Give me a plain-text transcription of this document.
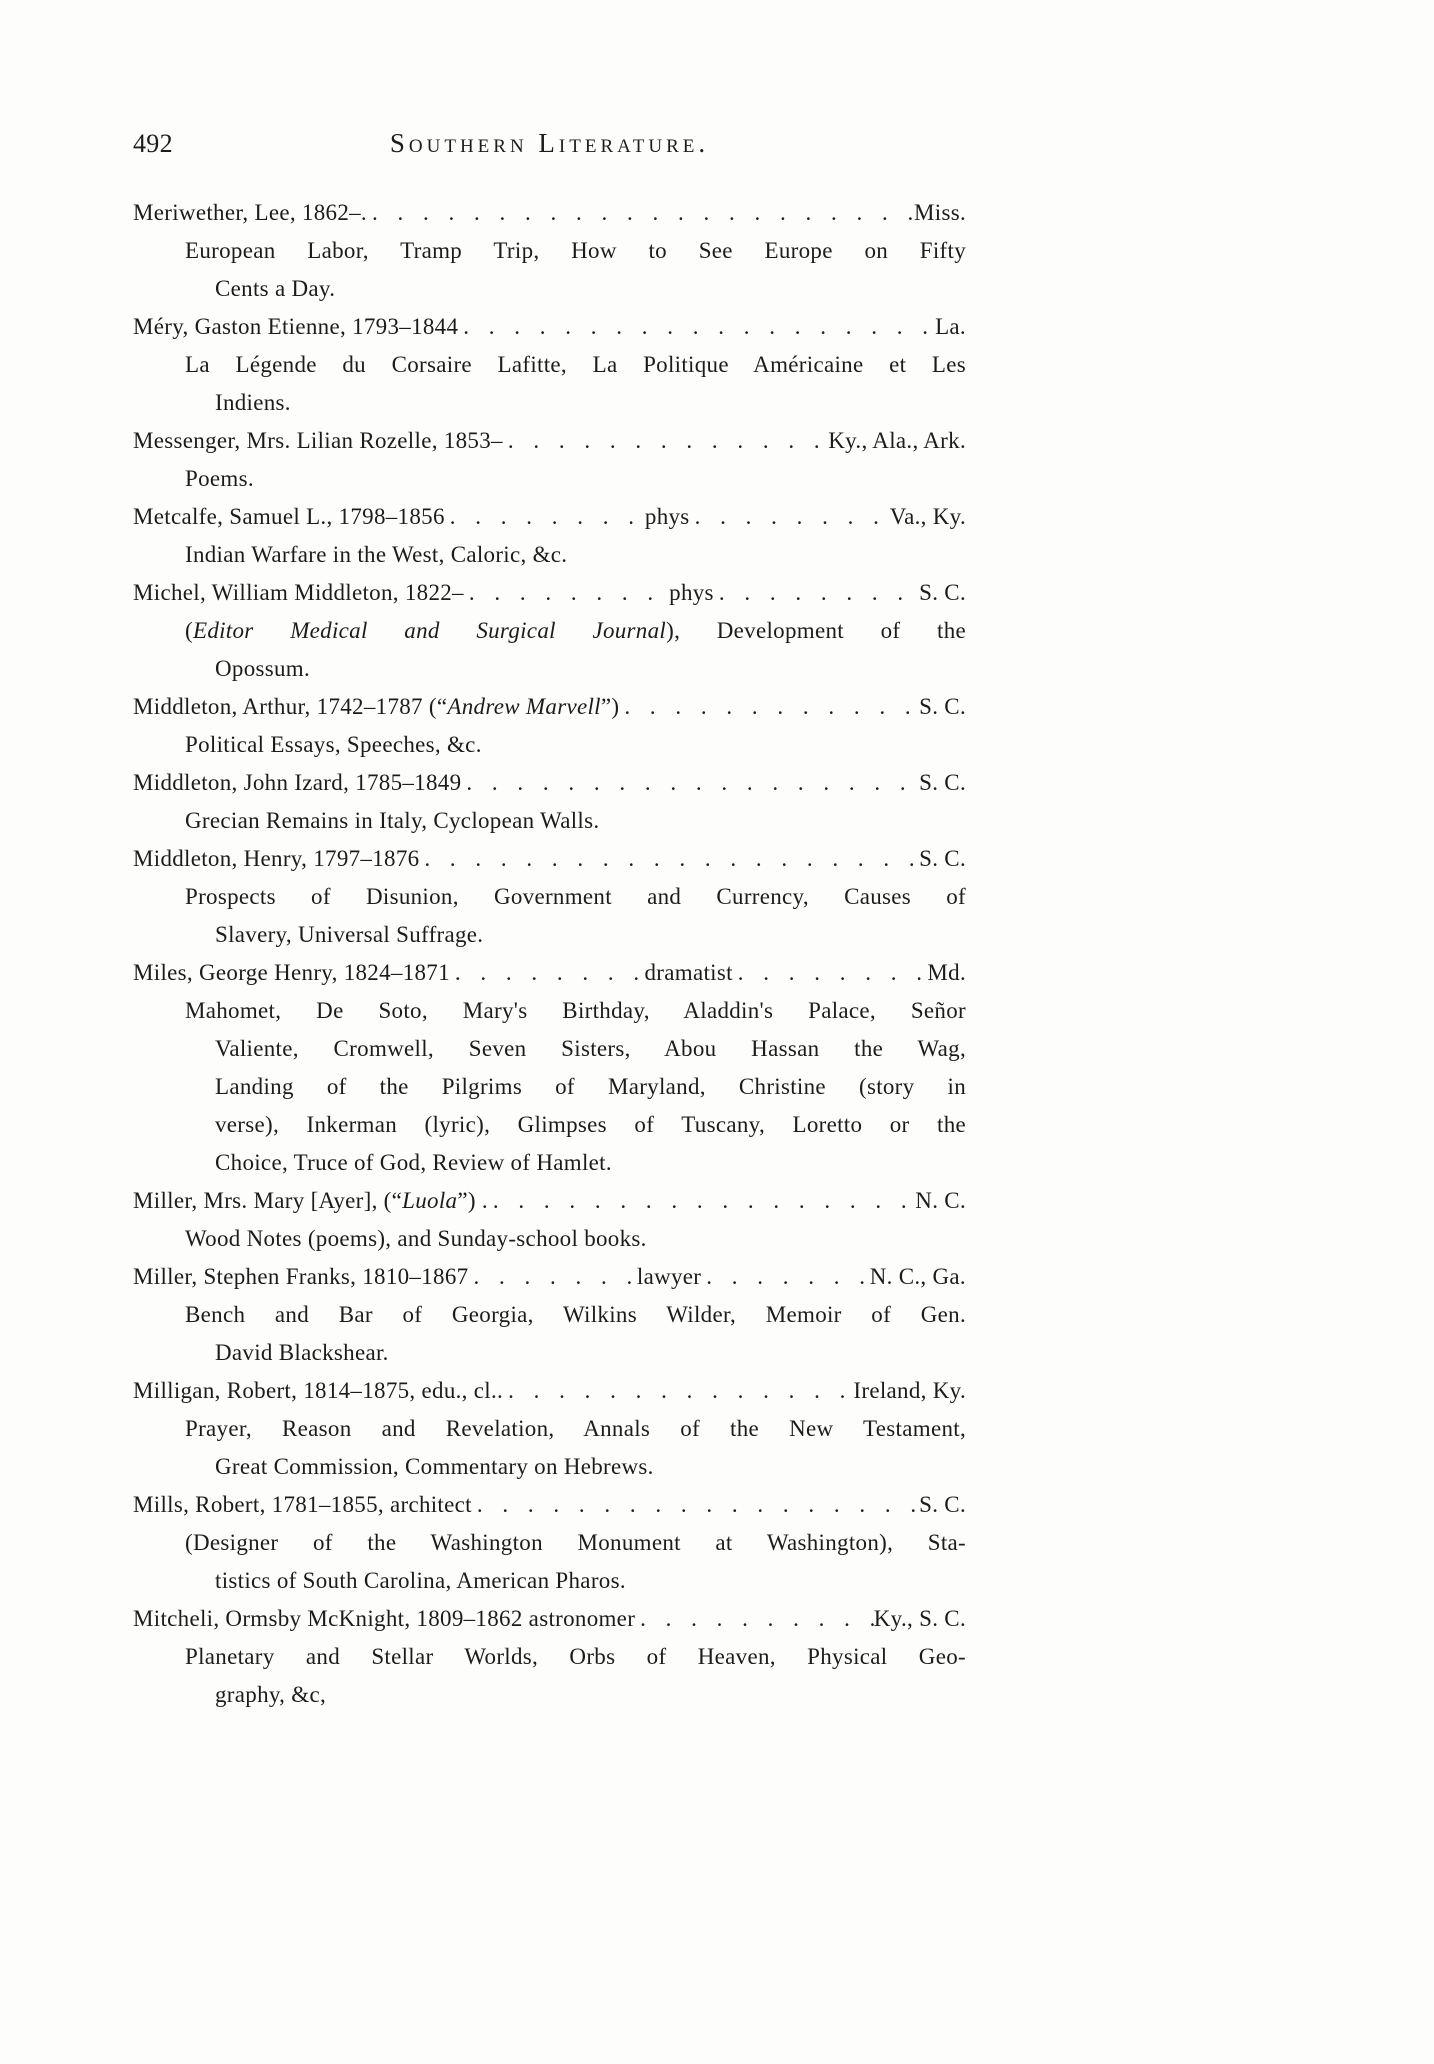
492	Southern Literature.
Meriwether, Lee, 1862–. . . .	Miss.
European Labor, Tramp Trip, How to See Europe on Fifty
Cents a Day.
Méry, Gaston Etienne, 1793–1844 . . .	La.
La Légende du Corsaire Lafitte, La Politique Américaine et Les
Indiens.
Messenger, Mrs. Lilian Rozelle, 1853– . . .	Ky., Ala., Ark.
Poems.
Metcalfe, Samuel L., 1798–1856 . . .	phys . . .	Va., Ky.
Indian Warfare in the West, Caloric, &c.
Michel, William Middleton, 1822– . . .	phys . . .	S. C.
(Editor Medical and Surgical Journal), Development of the
Opossum.
Middleton, Arthur, 1742–1787 (“Andrew Marvell”) . . .	S. C.
Political Essays, Speeches, &c.
Middleton, John Izard, 1785–1849 . . .	S. C.
Grecian Remains in Italy, Cyclopean Walls.
Middleton, Henry, 1797–1876 . . .	S. C.
Prospects of Disunion, Government and Currency, Causes of
Slavery, Universal Suffrage.
Miles, George Henry, 1824–1871 . . .	dramatist . . .	Md.
Mahomet, De Soto, Mary's Birthday, Aladdin's Palace, Señor
Valiente, Cromwell, Seven Sisters, Abou Hassan the Wag,
Landing of the Pilgrims of Maryland, Christine (story in
verse), Inkerman (lyric), Glimpses of Tuscany, Loretto or the
Choice, Truce of God, Review of Hamlet.
Miller, Mrs. Mary [Ayer], (“Luola”) . . . .	N. C.
Wood Notes (poems), and Sunday-school books.
Miller, Stephen Franks, 1810–1867 . . .	lawyer . . .	N. C., Ga.
Bench and Bar of Georgia, Wilkins Wilder, Memoir of Gen.
David Blackshear.
Milligan, Robert, 1814–1875, edu., cl.. . . .	Ireland, Ky.
Prayer, Reason and Revelation, Annals of the New Testament,
Great Commission, Commentary on Hebrews.
Mills, Robert, 1781–1855, architect . . .	S. C.
(Designer of the Washington Monument at Washington), Sta-
tistics of South Carolina, American Pharos.
Mitcheli, Ormsby McKnight, 1809–1862 astronomer . . .	Ky., S. C.
Planetary and Stellar Worlds, Orbs of Heaven, Physical Geo-
graphy, &c,
